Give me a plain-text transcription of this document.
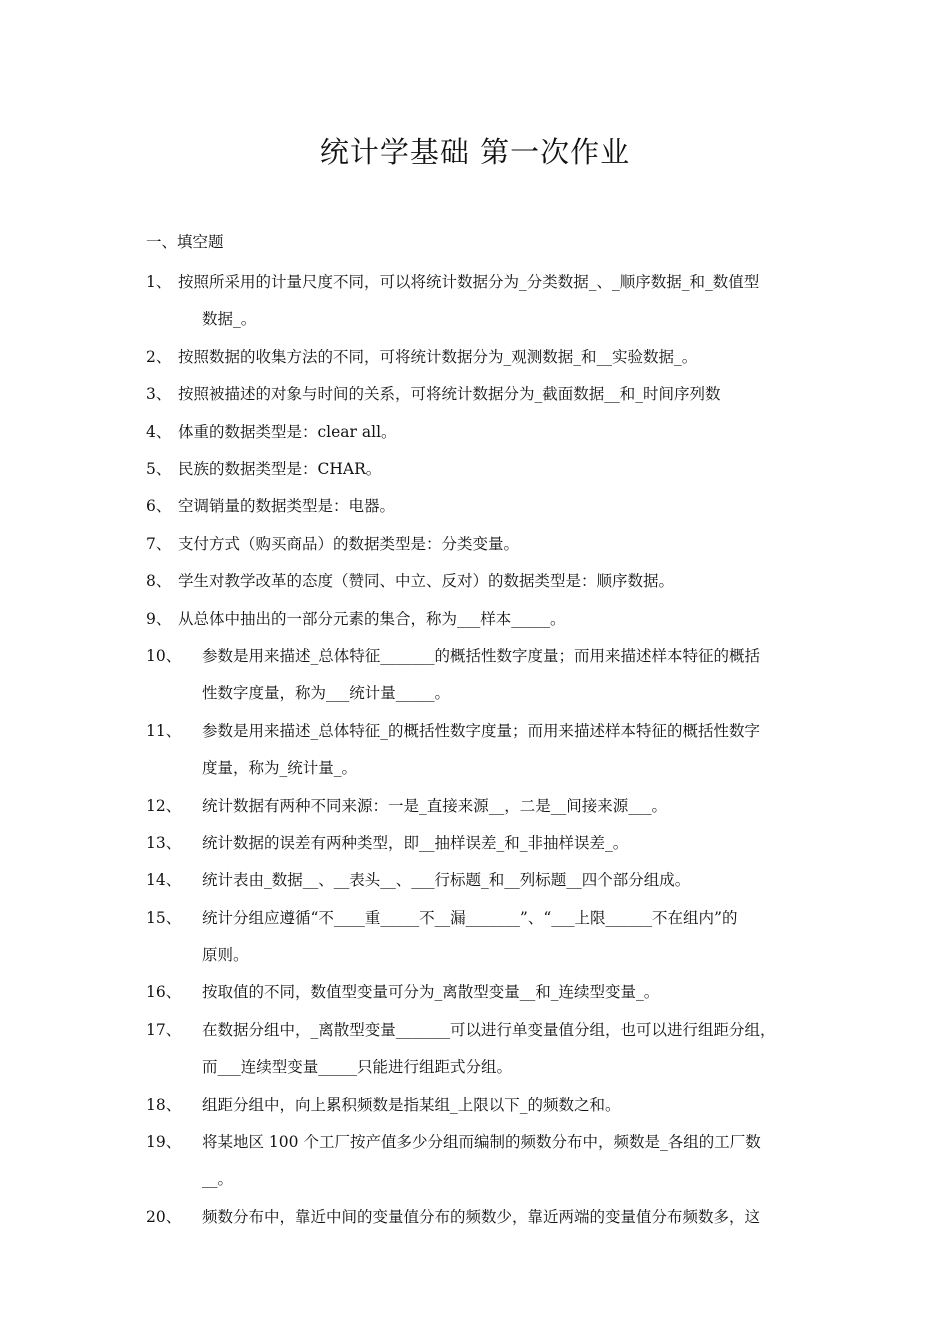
统计学基础 第一次作业
一、填空题
1、 按照所采用的计量尺度不同，可以将统计数据分为_分类数据_、_顺序数据_和_数值型
数据_。
2、 按照数据的收集方法的不同，可将统计数据分为_观测数据_和__实验数据_。
3、 按照被描述的对象与时间的关系，可将统计数据分为_截面数据__和_时间序列数
4、 体重的数据类型是：clear all。
5、 民族的数据类型是：CHAR。
6、 空调销量的数据类型是：电器。
7、 支付方式（购买商品）的数据类型是：分类变量。
8、 学生对教学改革的态度（赞同、中立、反对）的数据类型是：顺序数据。
9、 从总体中抽出的一部分元素的集合，称为___样本_____。
10、 参数是用来描述_总体特征_______的概括性数字度量；而用来描述样本特征的概括
性数字度量，称为___统计量_____。
11、 参数是用来描述_总体特征_的概括性数字度量；而用来描述样本特征的概括性数字
度量，称为_统计量_。
12、 统计数据有两种不同来源：一是_直接来源__，二是__间接来源___。
13、 统计数据的误差有两种类型，即__抽样误差_和_非抽样误差_。
14、 统计表由_数据__、__表头__、___行标题_和__列标题__四个部分组成。
15、 统计分组应遵循“不____重_____不__漏_______”、“___上限______不在组内”的
原则。
16、 按取值的不同，数值型变量可分为_离散型变量__和_连续型变量_。
17、 在数据分组中，_离散型变量_______可以进行单变量值分组，也可以进行组距分组，
而___连续型变量_____只能进行组距式分组。
18、 组距分组中，向上累积频数是指某组_上限以下_的频数之和。
19、 将某地区 100 个工厂按产值多少分组而编制的频数分布中，频数是_各组的工厂数
__。
20、 频数分布中，靠近中间的变量值分布的频数少，靠近两端的变量值分布频数多，这
